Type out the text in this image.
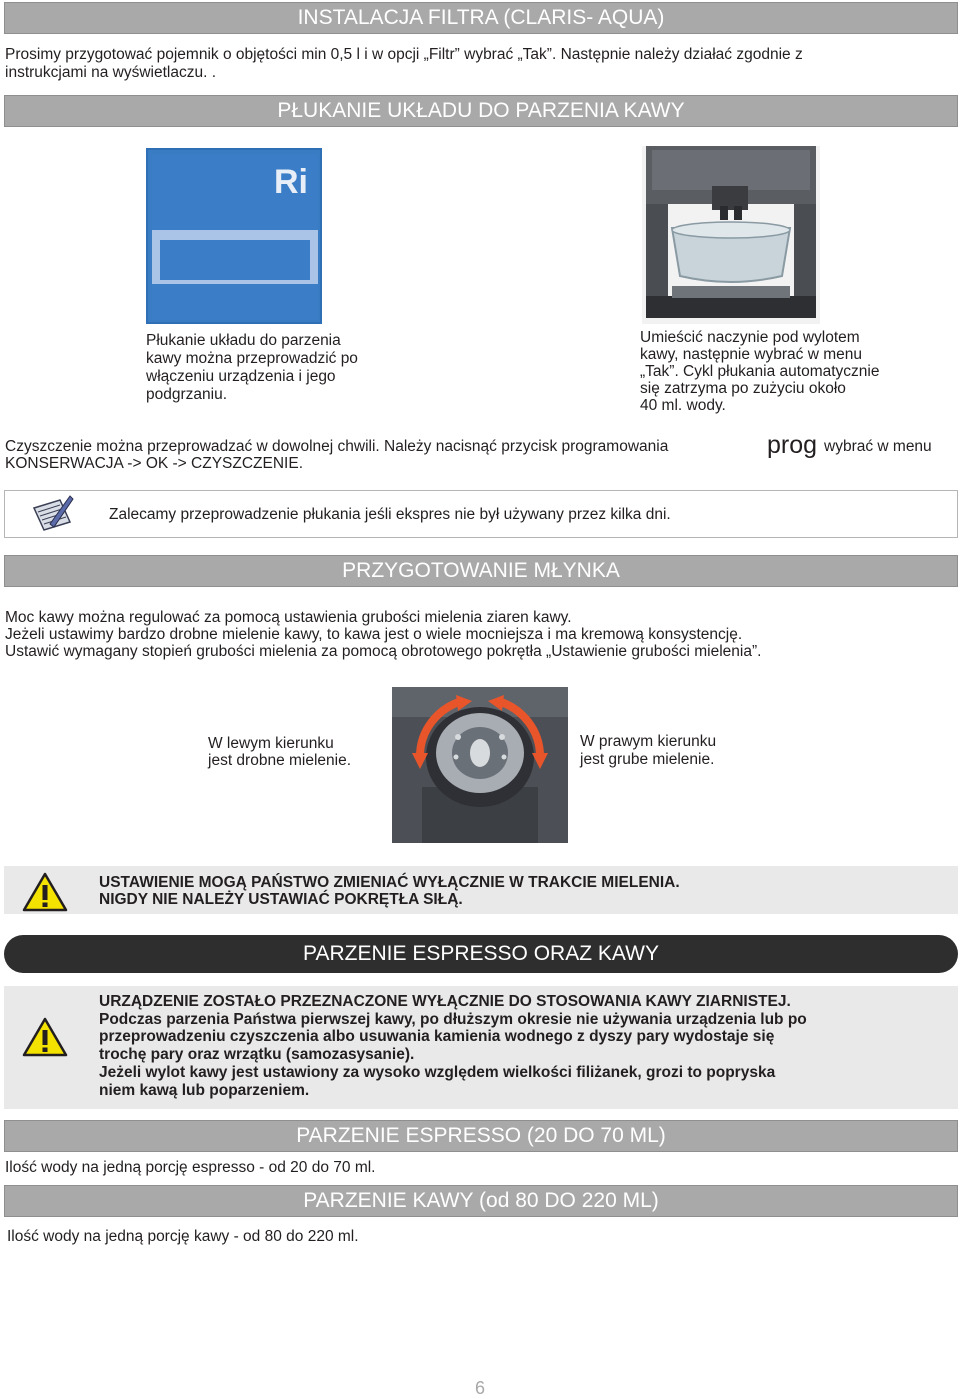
INSTALACJA FILTRA (CLARIS- AQUA)
Prosimy przygotować pojemnik o objętości min 0,5 l i w opcji „Filtr” wybrać „Tak”. Następnie należy działać zgodnie z
instrukcjami na wyświetlaczu. .
PŁUKANIE UKŁADU DO PARZENIA KAWY
Ri
Płukanie układu do parzenia
kawy można przeprowadzić po
włączeniu urządzenia i jego
podgrzaniu.
Umieścić naczynie pod wylotem
kawy, następnie wybrać w menu
„Tak”. Cykl płukania automatycznie
się zatrzyma po zużyciu około
40 ml. wody.
Czyszczenie można przeprowadzać w dowolnej chwili. Należy nacisnąć przycisk programowania	prog wybrać w menu
KONSERWACJA -> OK -> CZYSZCZENIE.
Zalecamy przeprowadzenie płukania jeśli ekspres nie był używany przez kilka dni.
PRZYGOTOWANIE MŁYNKA
Moc kawy można regulować za pomocą ustawienia grubości mielenia ziaren kawy.
Jeżeli ustawimy bardzo drobne mielenie kawy, to kawa jest o wiele mocniejsza i ma kremową konsystencję.
Ustawić wymagany stopień grubości mielenia za pomocą obrotowego pokrętła „Ustawienie grubości mielenia”.
W lewym kierunku
jest drobne mielenie.
W prawym kierunku
jest grube mielenie.
USTAWIENIE MOGĄ PAŃSTWO ZMIENIAĆ WYŁĄCZNIE W TRAKCIE MIELENIA.
NIGDY NIE NALEŻY USTAWIAĆ POKRĘTŁA SIŁĄ.
PARZENIE ESPRESSO ORAZ KAWY
URZĄDZENIE ZOSTAŁO PRZEZNACZONE WYŁĄCZNIE DO STOSOWANIA KAWY ZIARNISTEJ.
Podczas parzenia Państwa pierwszej kawy, po dłuższym okresie nie używania urządzenia lub po
przeprowadzeniu czyszczenia albo usuwania kamienia wodnego z dyszy pary wydostaje się
trochę pary oraz wrzątku (samozasysanie).
Jeżeli wylot kawy jest ustawiony za wysoko względem wielkości filiżanek, grozi to popryska
niem kawą lub poparzeniem.
PARZENIE ESPRESSO (20 DO 70 ML)
Ilość wody na jedną porcję espresso - od 20 do 70 ml.
PARZENIE KAWY (od 80 DO 220 ML)
Ilość wody na jedną porcję kawy - od 80 do 220 ml.
6
